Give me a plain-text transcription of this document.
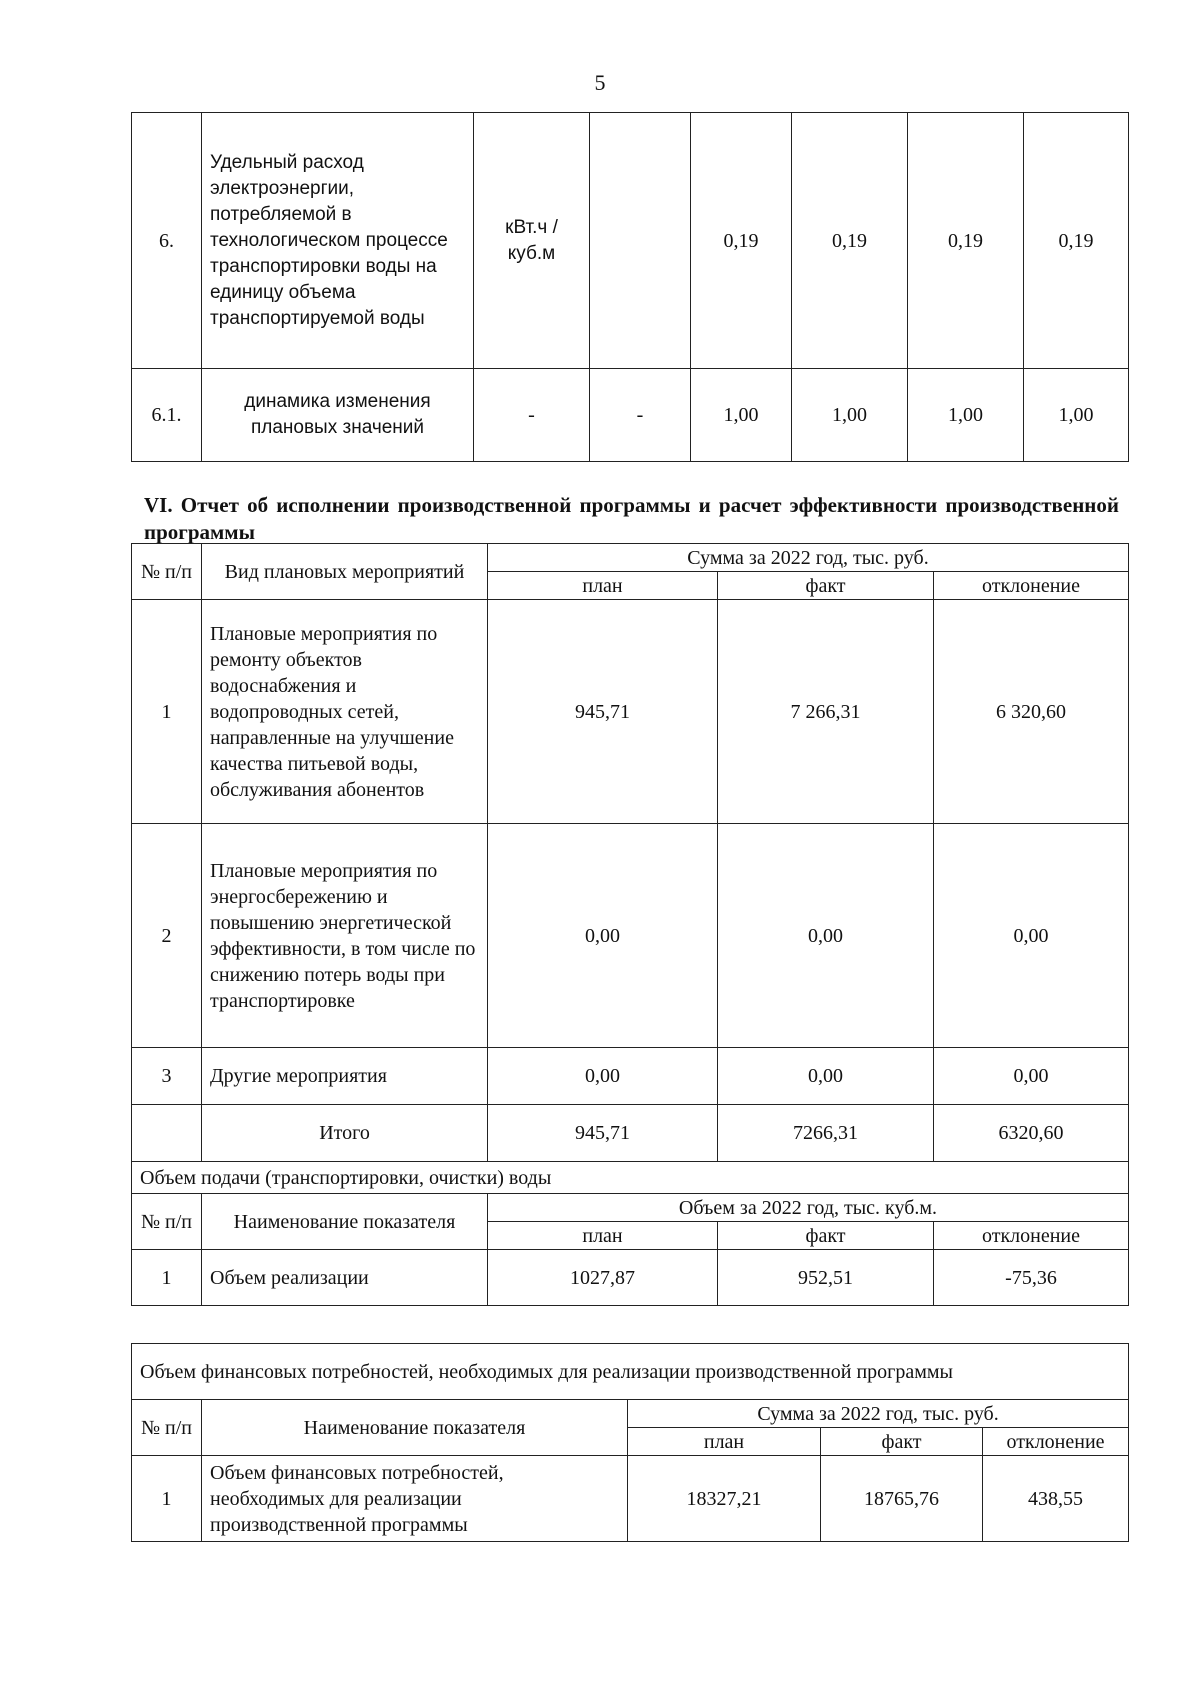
5
6.	Удельный расход электроэнергии, потребляемой в технологическом процессе транспортировки воды на единицу объема транспортируемой воды	кВт.ч / куб.м		0,19	0,19	0,19	0,19
6.1.	динамика изменения плановых значений	-	-	1,00	1,00	1,00	1,00
VI. Отчет об исполнении производственной программы и расчет эффективности производственной программы
№ п/п	Вид плановых мероприятий	Сумма за 2022 год, тыс. руб.		
		план	факт	отклонение
1	Плановые мероприятия по ремонту объектов водоснабжения и водопроводных сетей, направленные на улучшение качества питьевой воды, обслуживания абонентов	945,71	7 266,31	6 320,60
2	Плановые мероприятия по энергосбережению и повышению энергетической эффективности, в том числе по снижению потерь воды при транспортировке	0,00	0,00	0,00
3	Другие мероприятия	0,00	0,00	0,00
	Итого	945,71	7266,31	6320,60
Объем подачи (транспортировки, очистки) воды				
№ п/п	Наименование показателя	Объем за 2022 год, тыс. куб.м.		
		план	факт	отклонение
1	Объем реализации	1027,87	952,51	-75,36
Объем финансовых потребностей, необходимых для реализации производственной программы				
№ п/п	Наименование показателя	Сумма за 2022 год, тыс. руб.		
		план	факт	отклонение
1	Объем финансовых потребностей, необходимых для реализации производственной программы	18327,21	18765,76	438,55
